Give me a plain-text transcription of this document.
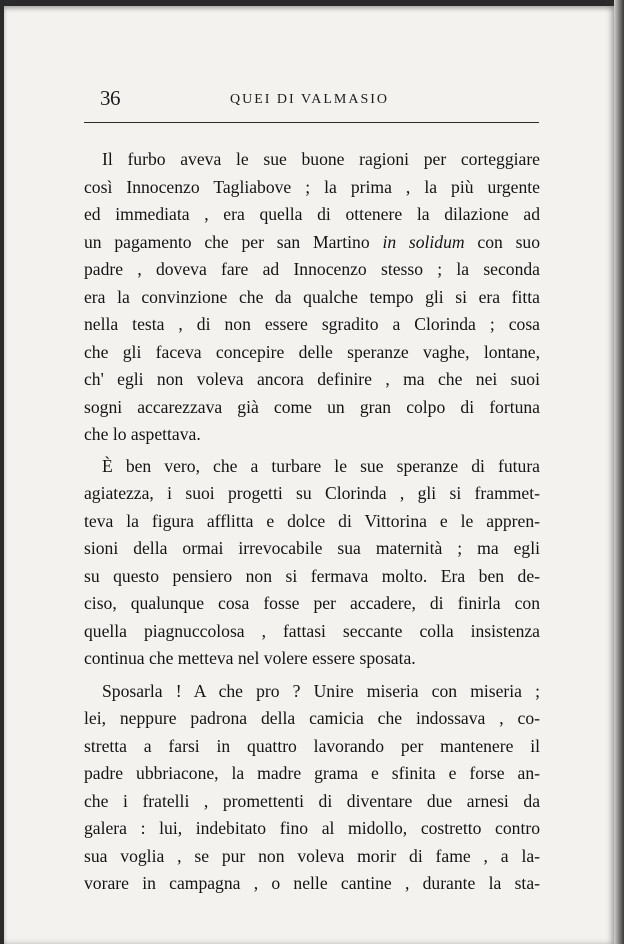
36	QUEI DI VALMASIO
Il furbo aveva le sue buone ragioni per corteggiare
così Innocenzo Tagliabove ; la prima , la più urgente
ed immediata , era quella di ottenere la dilazione ad
un pagamento che per san Martino in solidum con suo
padre , doveva fare ad Innocenzo stesso ; la seconda
era la convinzione che da qualche tempo gli si era fitta
nella testa , di non essere sgradito a Clorinda ; cosa
che gli faceva concepire delle speranze vaghe, lontane,
ch' egli non voleva ancora definire , ma che nei suoi
sogni accarezzava già come un gran colpo di fortuna
che lo aspettava.
È ben vero, che a turbare le sue speranze di futura
agiatezza, i suoi progetti su Clorinda , gli si frammet-
teva la figura afflitta e dolce di Vittorina e le appren-
sioni della ormai irrevocabile sua maternità ; ma egli
su questo pensiero non si fermava molto. Era ben de-
ciso, qualunque cosa fosse per accadere, di finirla con
quella piagnuccolosa , fattasi seccante colla insistenza
continua che metteva nel volere essere sposata.
Sposarla ! A che pro ? Unire miseria con miseria ;
lei, neppure padrona della camicia che indossava , co-
stretta a farsi in quattro lavorando per mantenere il
padre ubbriacone, la madre grama e sfinita e forse an-
che i fratelli , promettenti di diventare due arnesi da
galera : lui, indebitato fino al midollo, costretto contro
sua voglia , se pur non voleva morir di fame , a la-
vorare in campagna , o nelle cantine , durante la sta-
